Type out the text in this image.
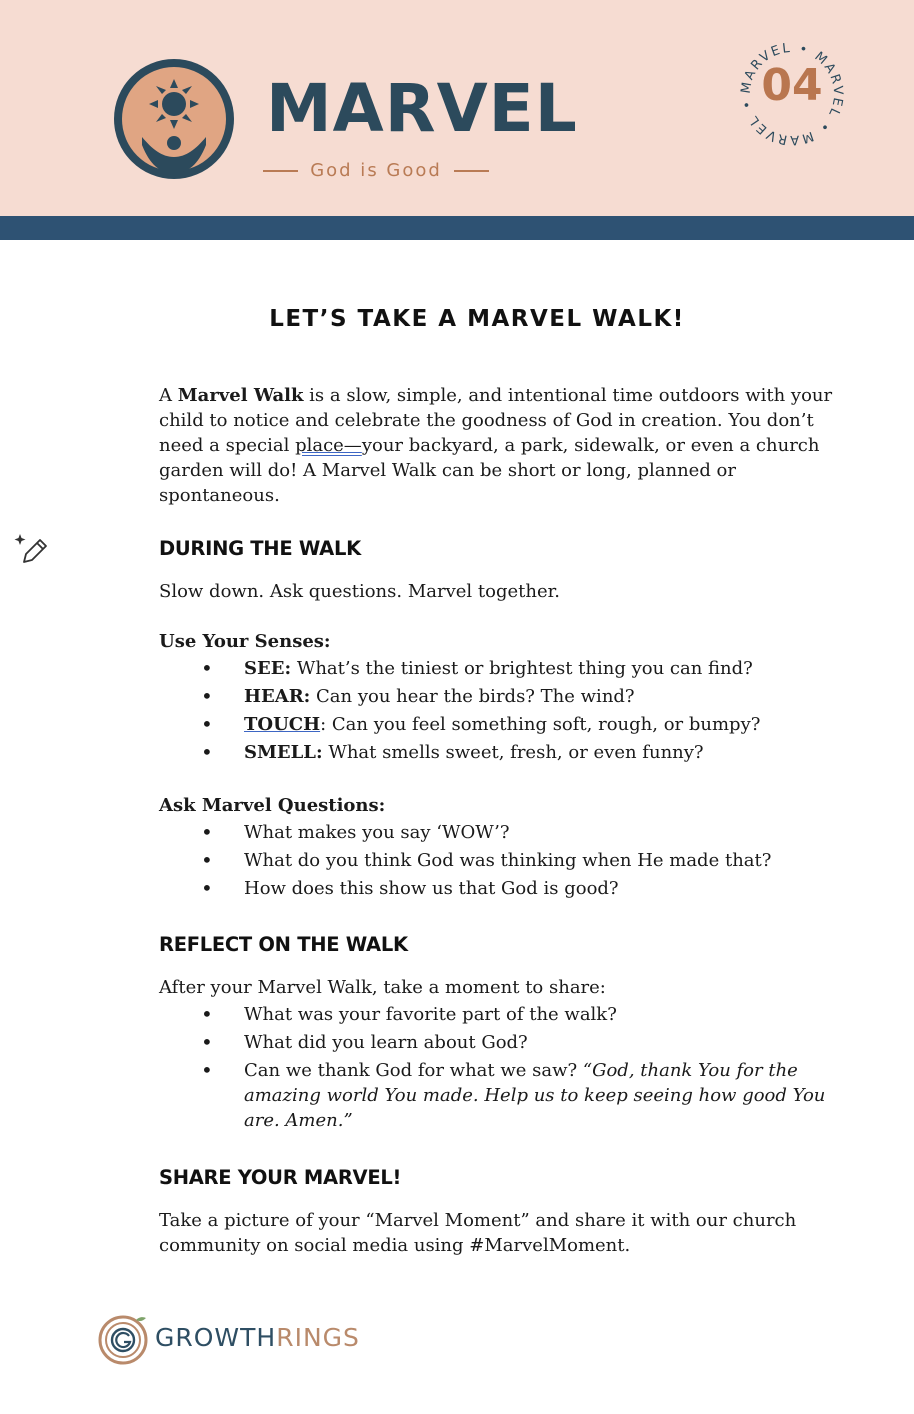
MARVEL
God is Good
MARVEL • MARVEL • MARVEL • 04
LET’S TAKE A MARVEL WALK!

A Marvel Walk is a slow, simple, and intentional time outdoors with your child to notice and celebrate the goodness of God in creation. You don’t need a special place—your backyard, a park, sidewalk, or even a church garden will do! A Marvel Walk can be short or long, planned or spontaneous.

DURING THE WALK

Slow down. Ask questions. Marvel together.

Use Your Senses:
• SEE: What’s the tiniest or brightest thing you can find?
• HEAR: Can you hear the birds? The wind?
• TOUCH: Can you feel something soft, rough, or bumpy?
• SMELL: What smells sweet, fresh, or even funny?
Ask Marvel Questions:
• What makes you say ‘WOW’?
• What do you think God was thinking when He made that?
• How does this show us that God is good?
REFLECT ON THE WALK

After your Marvel Walk, take a moment to share:

• What was your favorite part of the walk?
• What did you learn about God?
• Can we thank God for what we saw? “God, thank You for the amazing world You made. Help us to keep seeing how good You are. Amen.”
SHARE YOUR MARVEL!

Take a picture of your “Marvel Moment” and share it with our church community on social media using #MarvelMoment.

GROWTHRINGS
